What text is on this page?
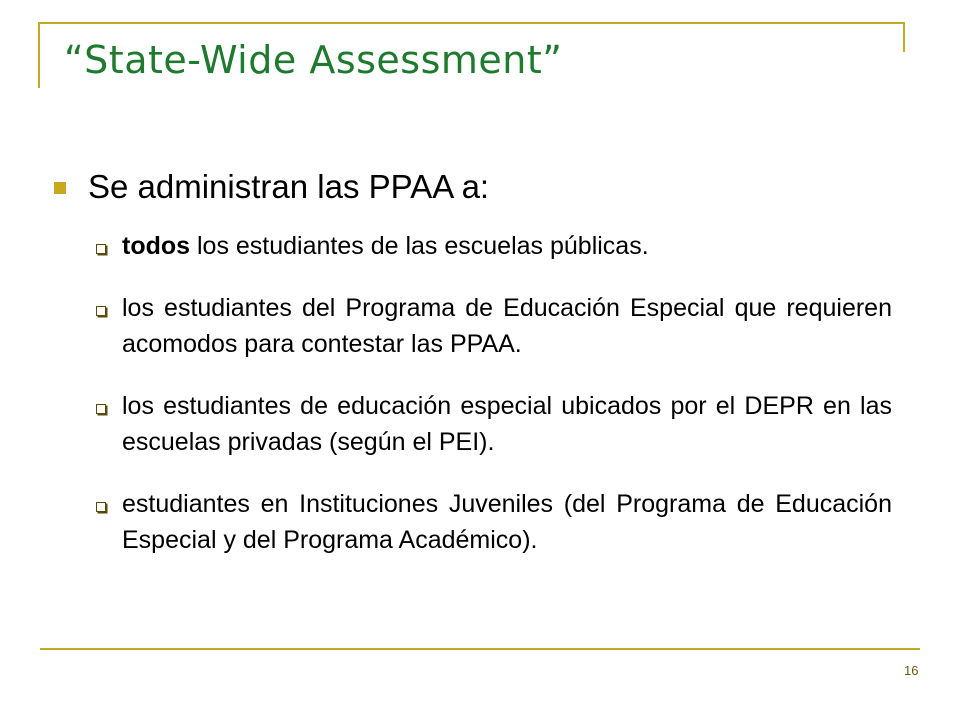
“State-Wide Assessment”
Se administran las PPAA a:
todos los estudiantes de las escuelas públicas.
los estudiantes del Programa de Educación Especial que requieren acomodos para contestar las PPAA.
los estudiantes de educación especial ubicados por el DEPR en las escuelas privadas (según el PEI).
estudiantes en Instituciones Juveniles (del Programa de Educación Especial y del Programa Académico).
16
